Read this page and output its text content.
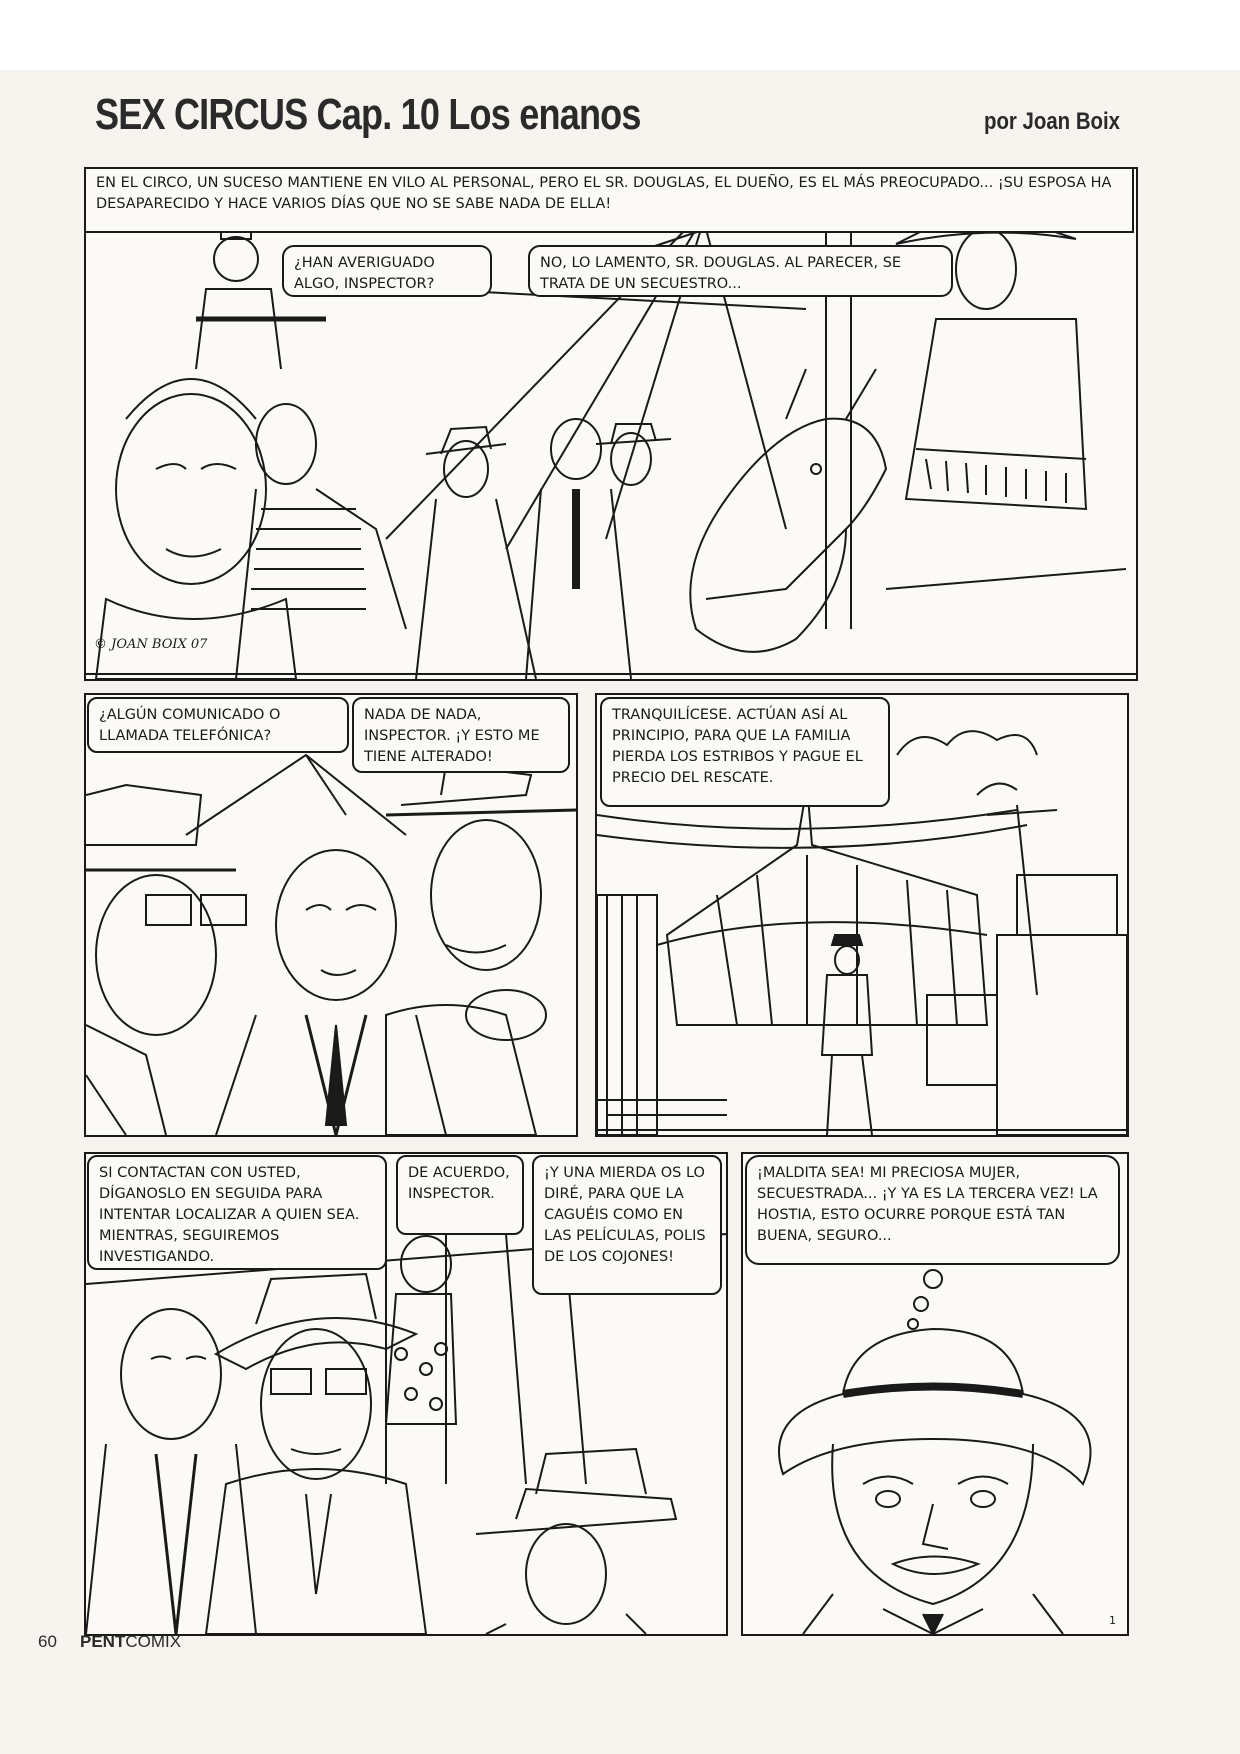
SEX CIRCUS Cap. 10 Los enanos	por Joan Boix
© JOAN BOIX 07

EN EL CIRCO, UN SUCESO MANTIENE EN VILO AL PERSONAL, PERO EL SR. DOUGLAS, EL DUEÑO, ES EL MÁS PREOCUPADO... ¡SU ESPOSA HA DESAPARECIDO Y HACE VARIOS DÍAS QUE NO SE SABE NADA DE ELLA!

¿HAN AVERIGUADO ALGO, INSPECTOR?

NO, LO LAMENTO, SR. DOUGLAS. AL PARECER, SE TRATA DE UN SECUESTRO...

¿ALGÚN COMUNICADO O LLAMADA TELEFÓNICA?

NADA DE NADA, INSPECTOR. ¡Y ESTO ME TIENE ALTERADO!

TRANQUILÍCESE. ACTÚAN ASÍ AL PRINCIPIO, PARA QUE LA FAMILIA PIERDA LOS ESTRIBOS Y PAGUE EL PRECIO DEL RESCATE.

SI CONTACTAN CON USTED, DÍGANOSLO EN SEGUIDA PARA INTENTAR LOCALIZAR A QUIEN SEA. MIENTRAS, SEGUIREMOS INVESTIGANDO.

DE ACUERDO, INSPECTOR.

¡Y UNA MIERDA OS LO DIRÉ, PARA QUE LA CAGUÉIS COMO EN LAS PELÍCULAS, POLIS DE LOS COJONES!

1

¡MALDITA SEA! MI PRECIOSA MUJER, SECUESTRADA... ¡Y YA ES LA TERCERA VEZ! LA HOSTIA, ESTO OCURRE PORQUE ESTÁ TAN BUENA, SEGURO...

60 PENTCOMIX
